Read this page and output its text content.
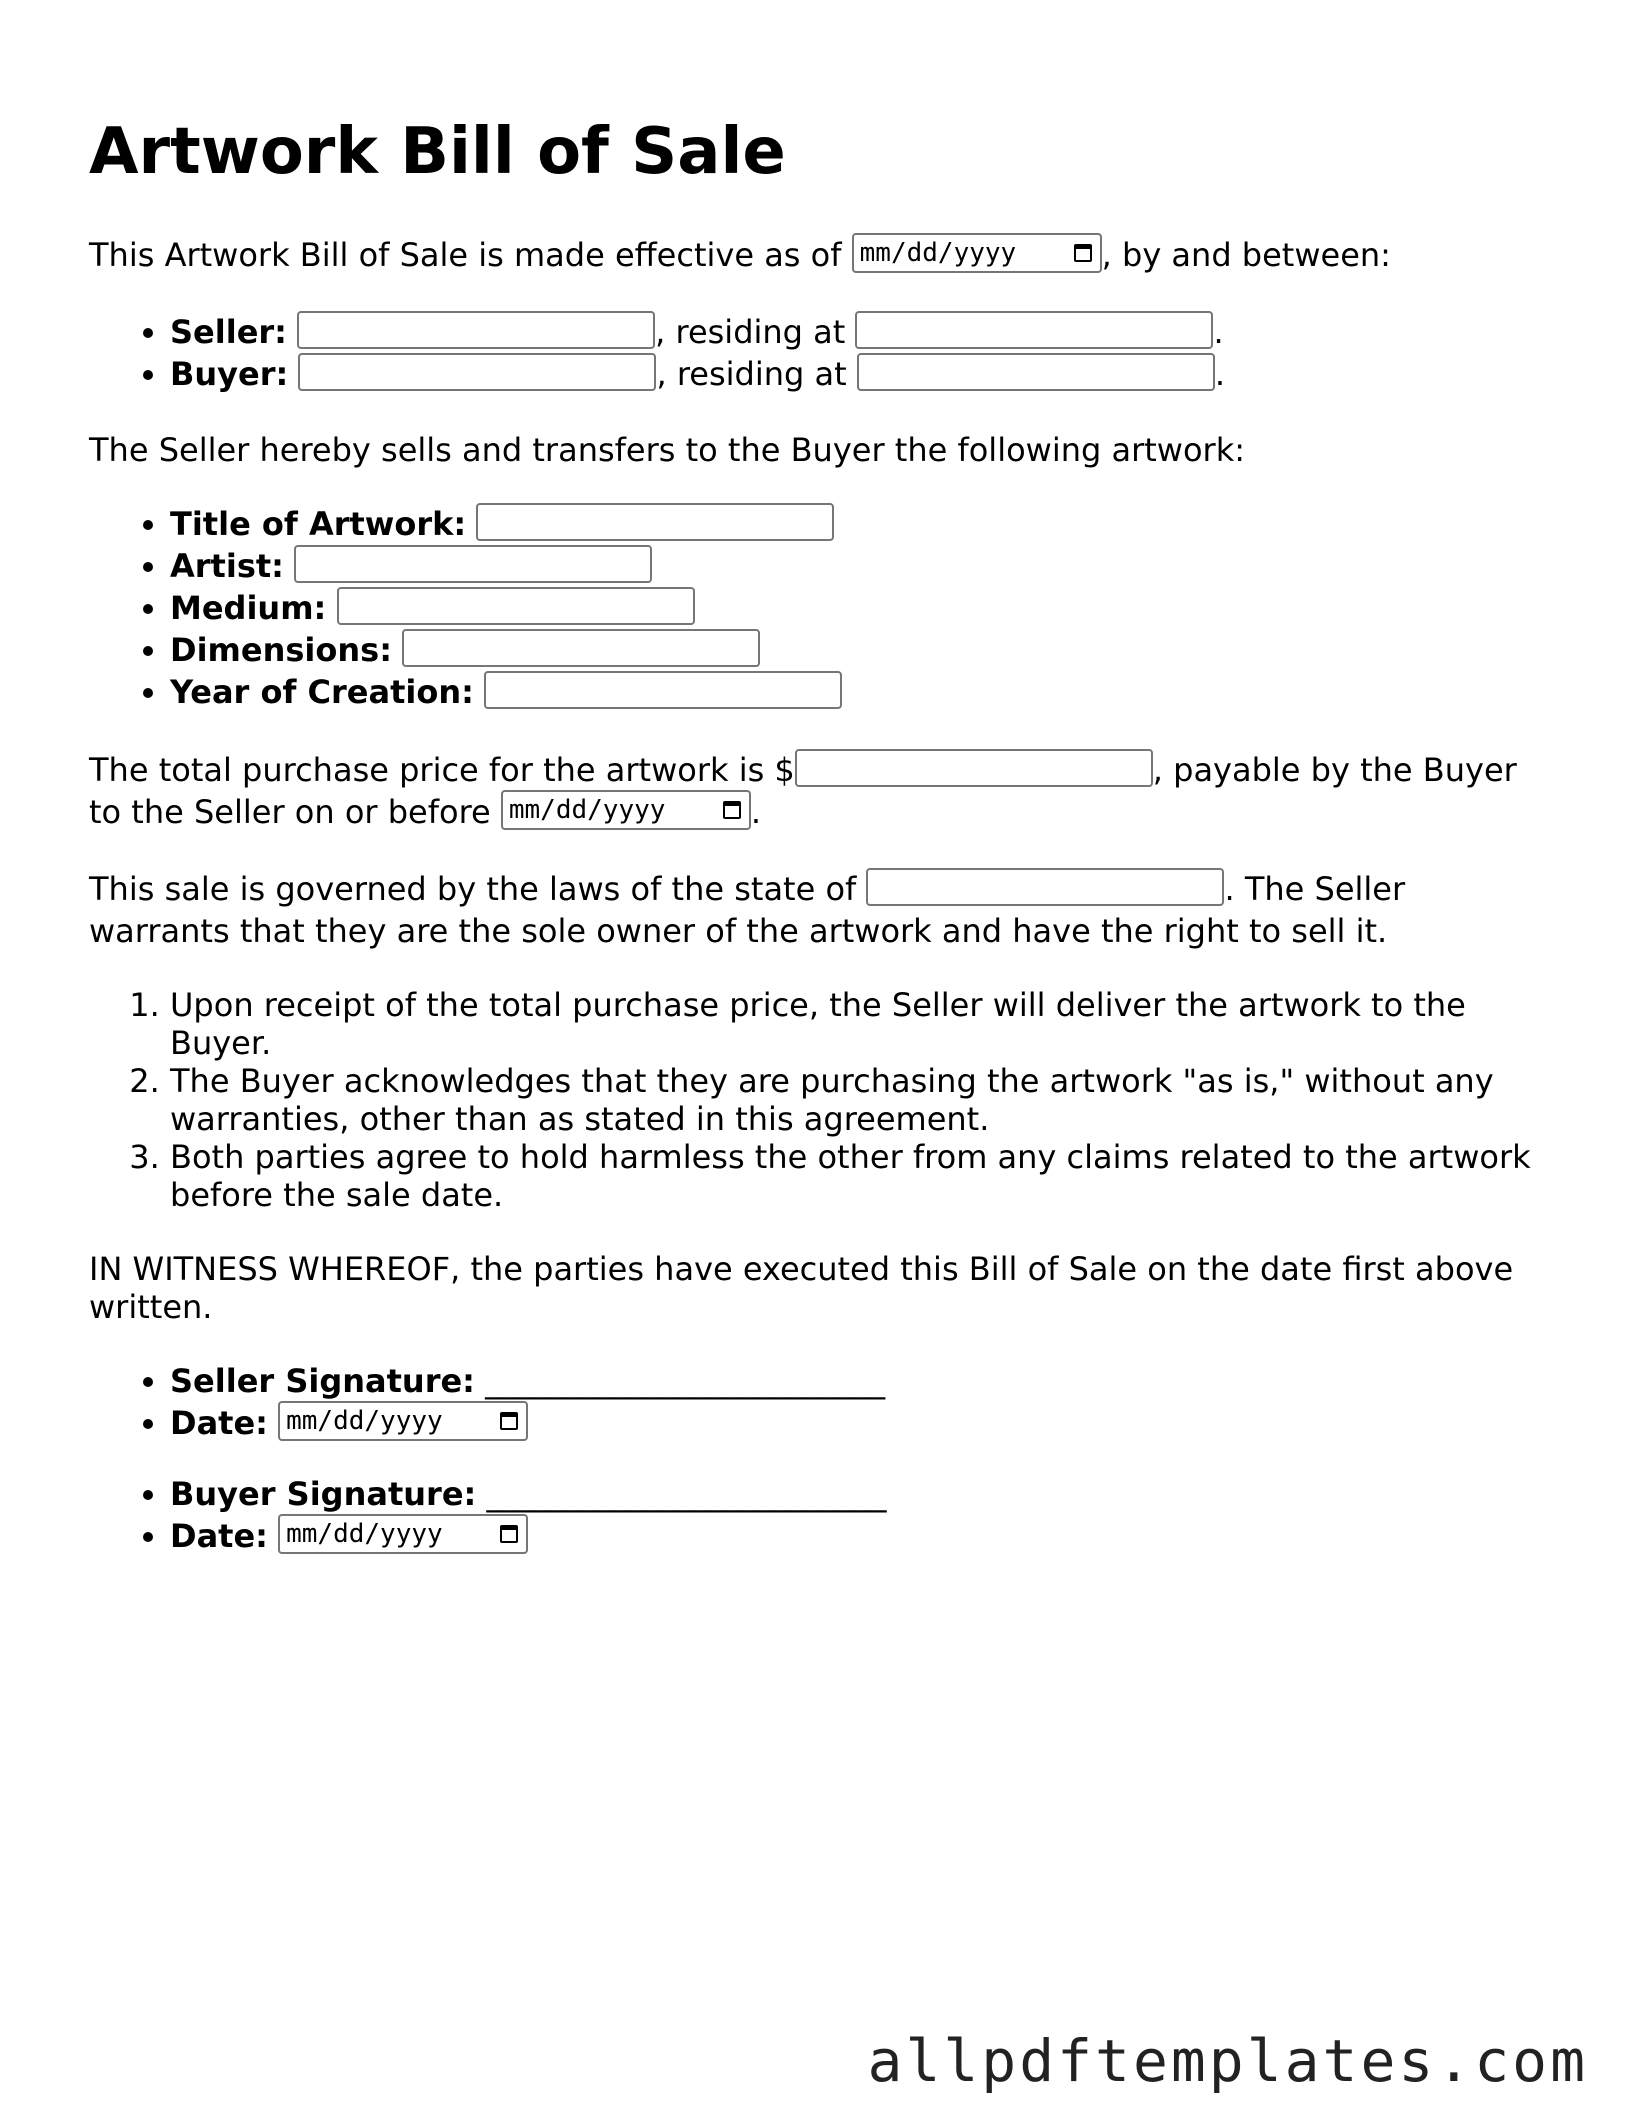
Artwork Bill of Sale

This Artwork Bill of Sale is made effective as of mm/dd/yyyy	, by and between:

• Seller:	, residing at	.
• Buyer:	, residing at	.

The Seller hereby sells and transfers to the Buyer the following artwork:

• Title of Artwork:
• Artist:
• Medium:
• Dimensions:
• Year of Creation:

The total purchase price for the artwork is $	, payable by the Buyer to the Seller on or before mm/dd/yyyy	.

This sale is governed by the laws of the state of	. The Seller warrants that they are the sole owner of the artwork and have the right to sell it.

1. Upon receipt of the total purchase price, the Seller will deliver the artwork to the Buyer.
2. The Buyer acknowledges that they are purchasing the artwork "as is," without any warranties, other than as stated in this agreement.
3. Both parties agree to hold harmless the other from any claims related to the artwork before the sale date.

IN WITNESS WHEREOF, the parties have executed this Bill of Sale on the date first above written.

• Seller Signature: _________________________
• Date: mm/dd/yyyy
• Buyer Signature: _________________________
• Date: mm/dd/yyyy
allpdftemplates.com
